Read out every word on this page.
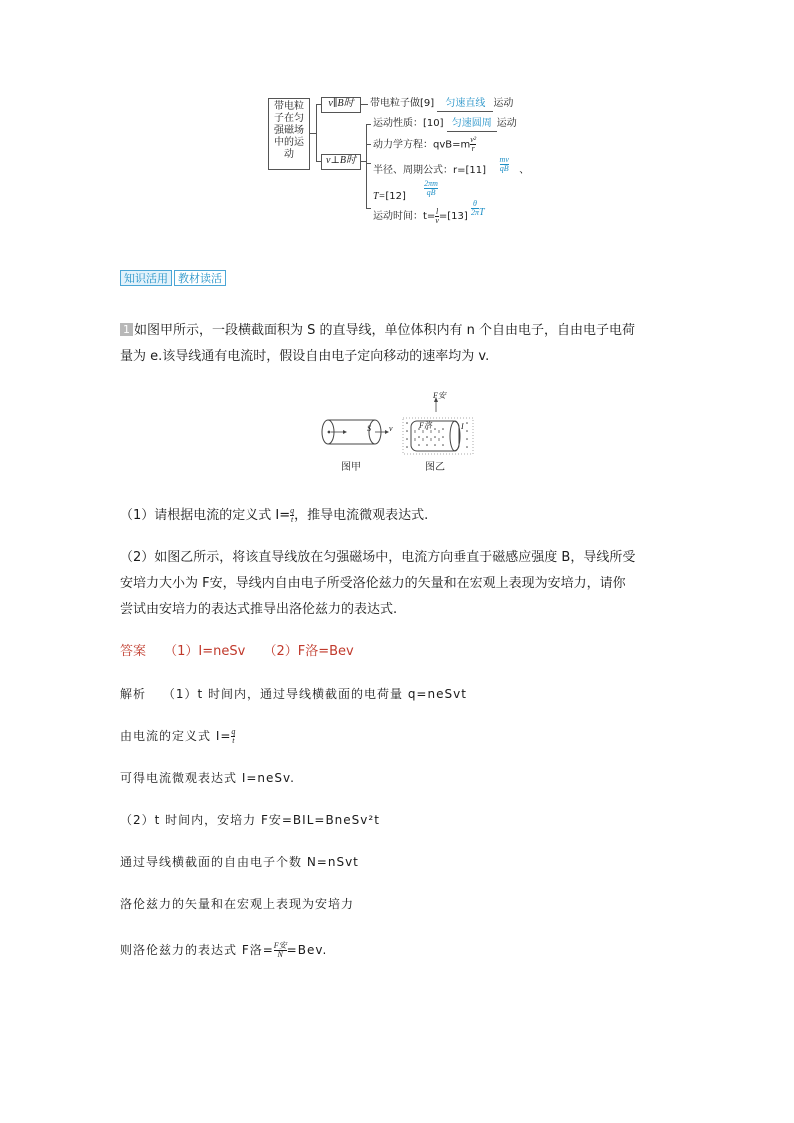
带电粒
子在匀
强磁场
中的运
动
v∥B时
v⊥B时
带电粒子做[9] 匀速直线 运动
运动性质：[10] 匀速圆周 运动
动力学方程：$qvB=m \frac{\text{v²}}{r}$
半径、周期公式：$r=[11] \frac{mv}{qB}$ 、
$T=[12] \frac{2\pi m}{qB}$
运动时间：$t= \frac{l}{v} =[13] \frac{\theta}{2\pi}$ T
知识活用 教材读活
1 如图甲所示，一段横截面积为 S 的直导线，单位体积内有 n 个自由电子，自由电子电荷
量为 e.该导线通有电流时，假设自由电子定向移动的速率均为 v.
S v
F安
F洛	I
图甲	图乙
（1）请根据电流的定义式 $I= \frac{q}{t}$ ，推导电流微观表达式.
（2）如图乙所示，将该直导线放在匀强磁场中，电流方向垂直于磁感应强度 B，导线所受
安培力大小为 F安，导线内自由电子所受洛伦兹力的矢量和在宏观上表现为安培力，请你
尝试由安培力的表达式推导出洛伦兹力的表达式.
答案 （1）I=neSv （2）F洛=Bev
解析 （1）t 时间内，通过导线横截面的电荷量 q=neSvt
由电流的定义式 $I= \frac{q}{t}$
可得电流微观表达式 I=neSv.
（2）t 时间内，安培力 F安=BIL=BneSv²t
通过导线横截面的自由电子个数 N=nSvt
洛伦兹力的矢量和在宏观上表现为安培力
则洛伦兹力的表达式 F洛= $\frac{\text{F安}}{N} =Bev$.
